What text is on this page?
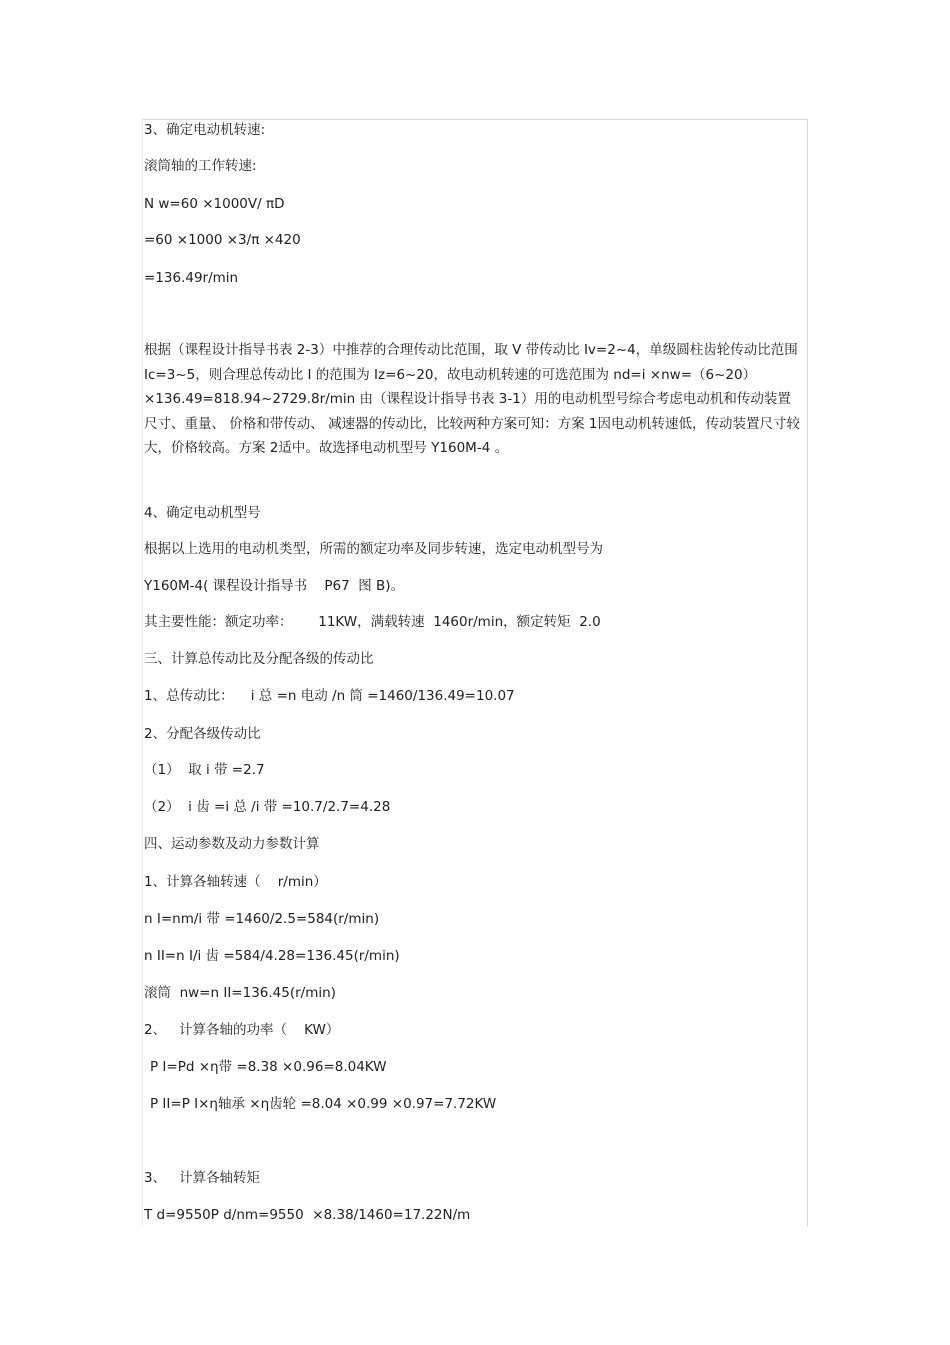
3、确定电动机转速:
滚筒轴的工作转速:
N w=60 ×1000V/ πD
=60 ×1000 ×3/π ×420
=136.49r/min
根据（课程设计指导书表 2-3）中推荐的合理传动比范围，取 V 带传动比 Iv=2~4，单级圆柱齿轮传动比范围 Ic=3~5，则合理总传动比 I 的范围为 Iz=6~20，故电动机转速的可选范围为 nd=i ×nw=（6~20）×136.49=818.94~2729.8r/min 由（课程设计指导书表 3-1）用的电动机型号综合考虑电动机和传动装置尺寸、重量、 价格和带传动、 减速器的传动比，比较两种方案可知：方案 1因电动机转速低，传动装置尺寸较大，价格较高。方案 2适中。故选择电动机型号 Y160M-4 。
4、确定电动机型号
根据以上选用的电动机类型，所需的额定功率及同步转速，选定电动机型号为
Y160M-4( 课程设计指导书    P67  图 B)。
其主要性能：额定功率：      11KW，满载转速  1460r/min，额定转矩  2.0
三、计算总传动比及分配各级的传动比
1、总传动比：    i 总 =n 电动 /n 筒 =1460/136.49=10.07
2、分配各级传动比
（1）  取 i 带 =2.7
（2）  i 齿 =i 总 /i 带 =10.7/2.7=4.28
四、运动参数及动力参数计算
1、计算各轴转速（    r/min）
n I=nm/i 带 =1460/2.5=584(r/min)
n II=n I/i 齿 =584/4.28=136.45(r/min)
滚筒  nw=n II=136.45(r/min)
2、   计算各轴的功率（    KW）
P I=Pd ×η带 =8.38 ×0.96=8.04KW
P II=P I×η轴承 ×η齿轮 =8.04 ×0.99 ×0.97=7.72KW
3、   计算各轴转矩
T d=9550P d/nm=9550  ×8.38/1460=17.22N/m
